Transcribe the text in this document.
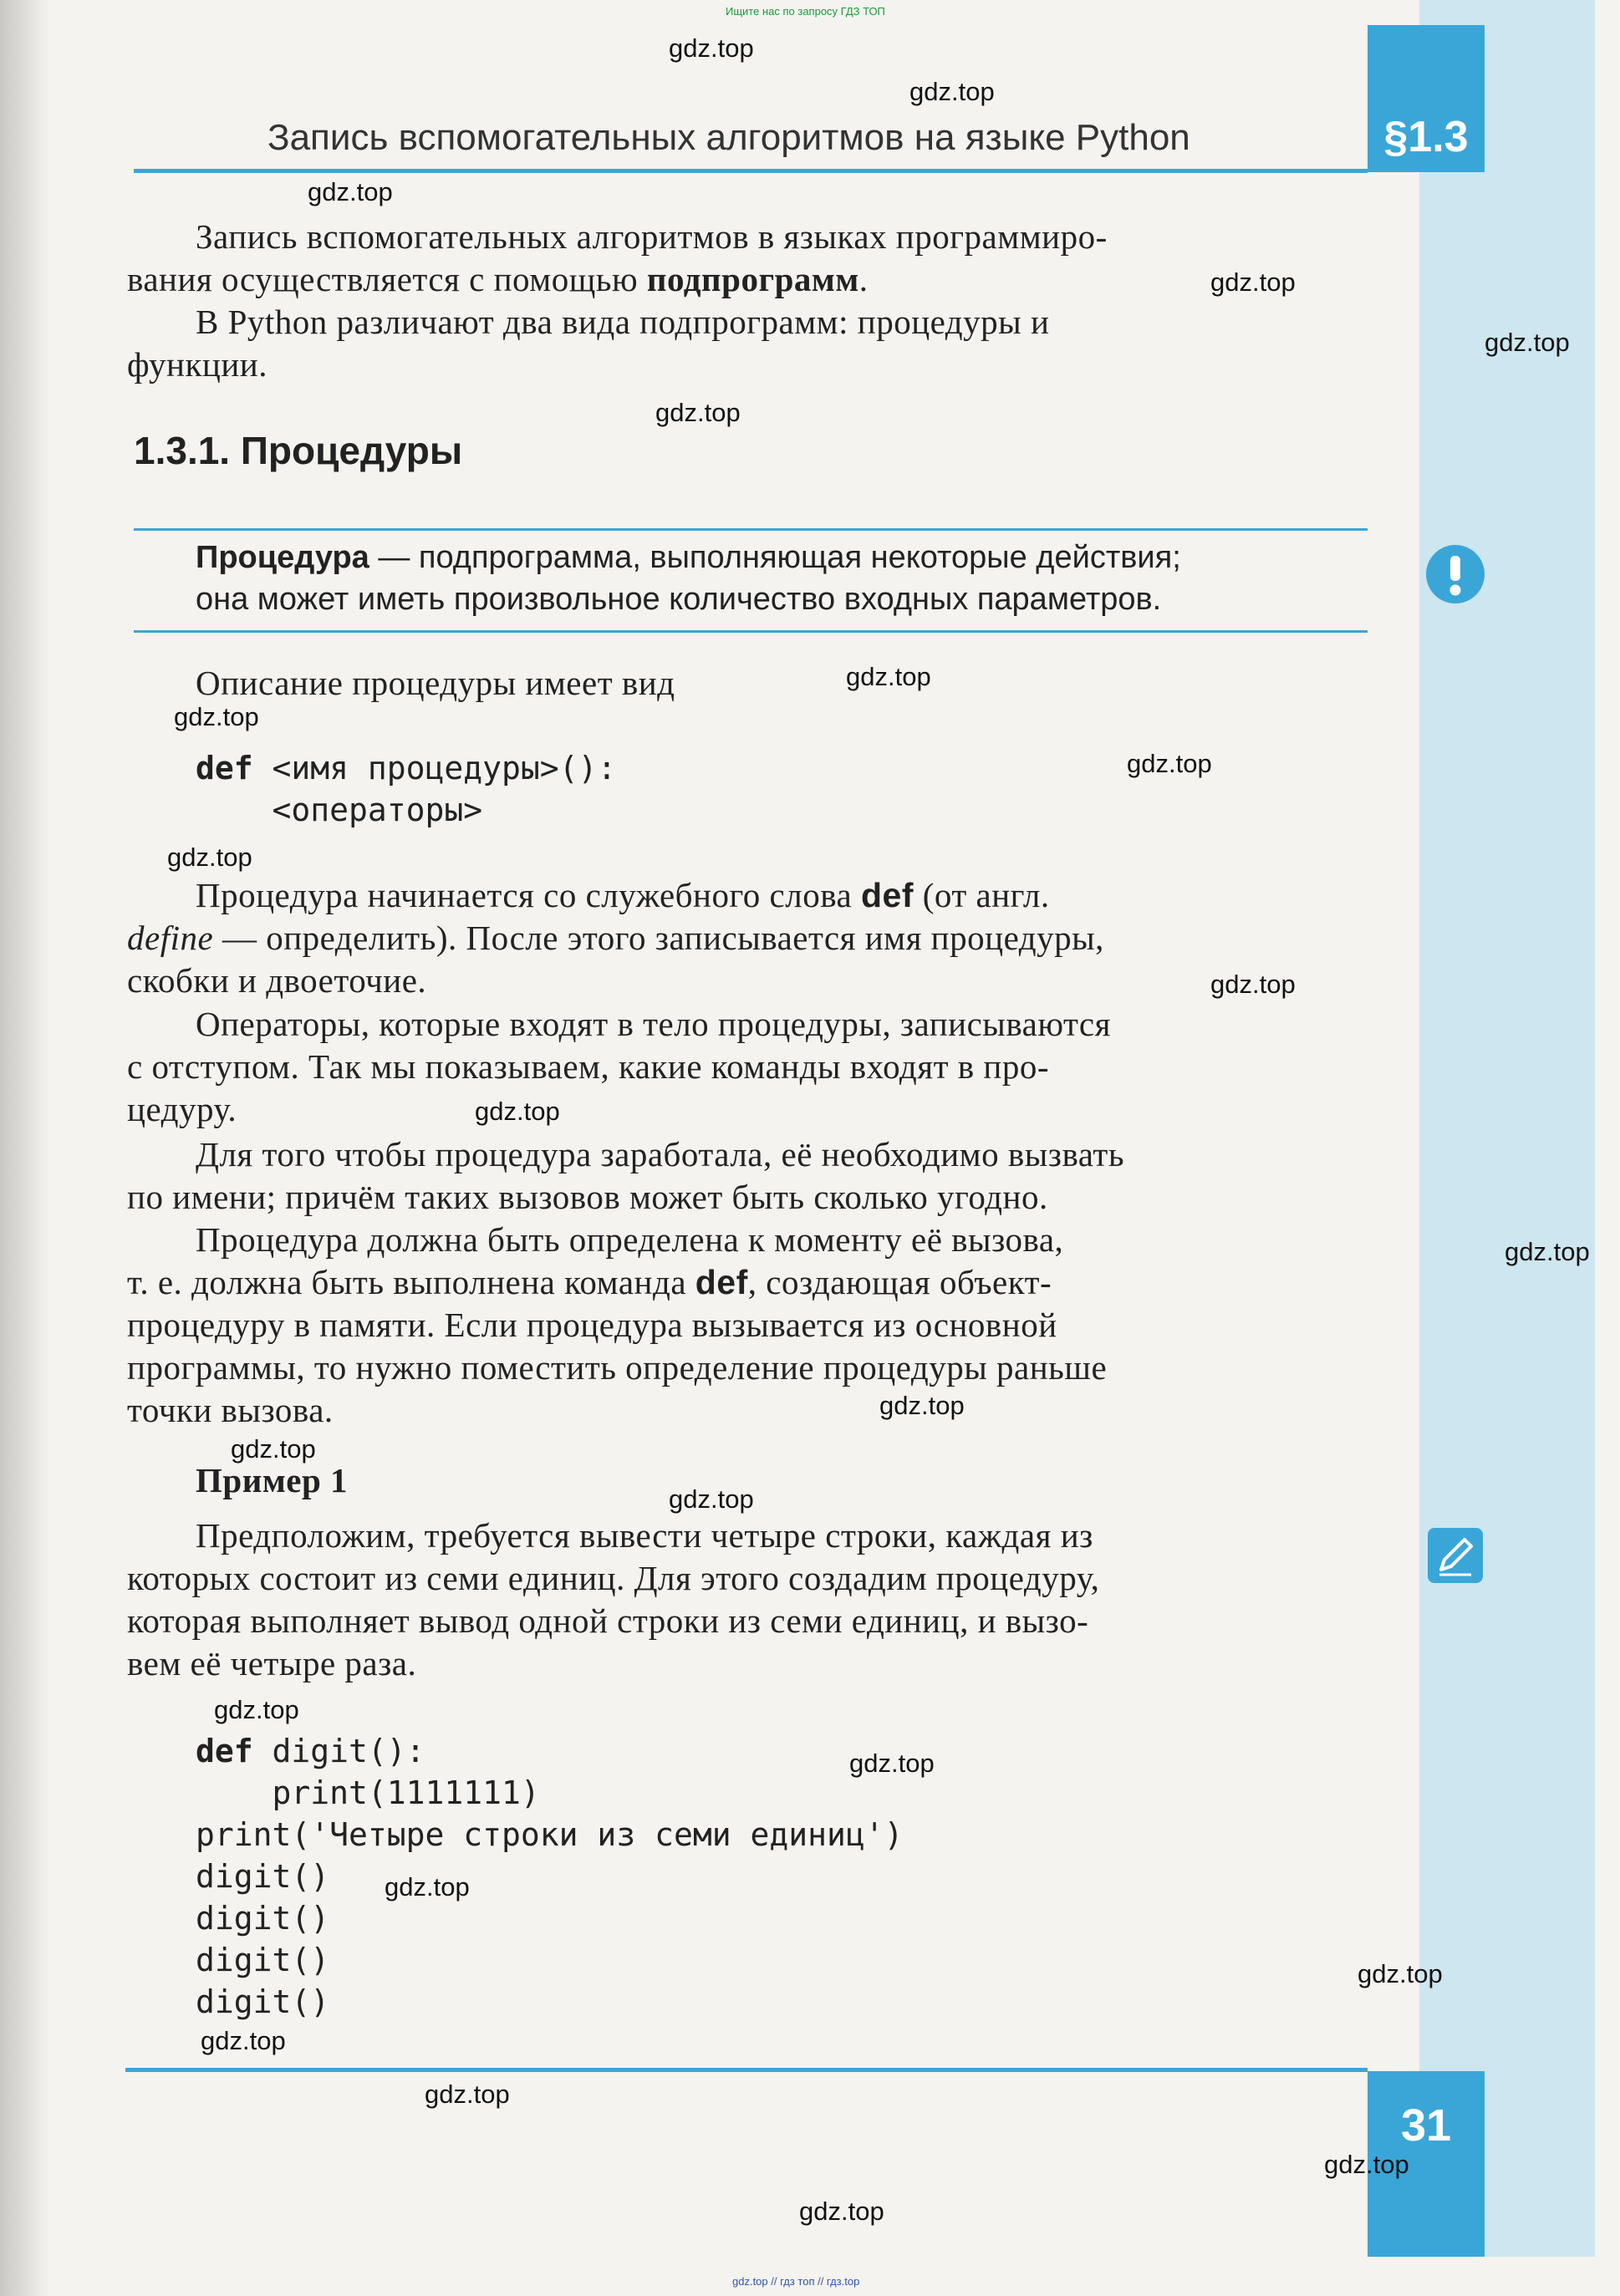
Ищите нас по запросу ГДЗ ТОП
Запись вспомогательных алгоритмов на языке Python	§1.3
Запись вспомогательных алгоритмов в языках программиро-
вания осуществляется с помощью подпрограмм.
В Python различают два вида подпрограмм: процедуры и
функции.
1.3.1. Процедуры
Процедура — подпрограмма, выполняющая некоторые действия;
она может иметь произвольное количество входных параметров.
Описание процедуры имеет вид
def <имя процедуры>():
<операторы>
Процедура начинается со служебного слова def (от англ.
define — определить). После этого записывается имя процедуры,
скобки и двоеточие.
Операторы, которые входят в тело процедуры, записываются
с отступом. Так мы показываем, какие команды входят в про-
цедуру.
Для того чтобы процедура заработала, её необходимо вызвать
по имени; причём таких вызовов может быть сколько угодно.
Процедура должна быть определена к моменту её вызова,
т. е. должна быть выполнена команда def, создающая объект-
процедуру в памяти. Если процедура вызывается из основной
программы, то нужно поместить определение процедуры раньше
точки вызова.
Пример 1
Предположим, требуется вывести четыре строки, каждая из
которых состоит из семи единиц. Для этого создадим процедуру,
которая выполняет вывод одной строки из семи единиц, и вызо-
вем её четыре раза.
def digit():
print(1111111)
print('Четыре строки из семи единиц')
digit()
digit()
digit()
digit()
31
gdz.top
gdz.top
gdz.top
gdz.top
gdz.top
gdz.top
gdz.top
gdz.top
gdz.top
gdz.top
gdz.top
gdz.top
gdz.top
gdz.top
gdz.top
gdz.top
gdz.top
gdz.top
gdz.top
gdz.top
gdz.top
gdz.top
gdz.top
gdz.top
gdz.top // гдз топ // гдз.top
